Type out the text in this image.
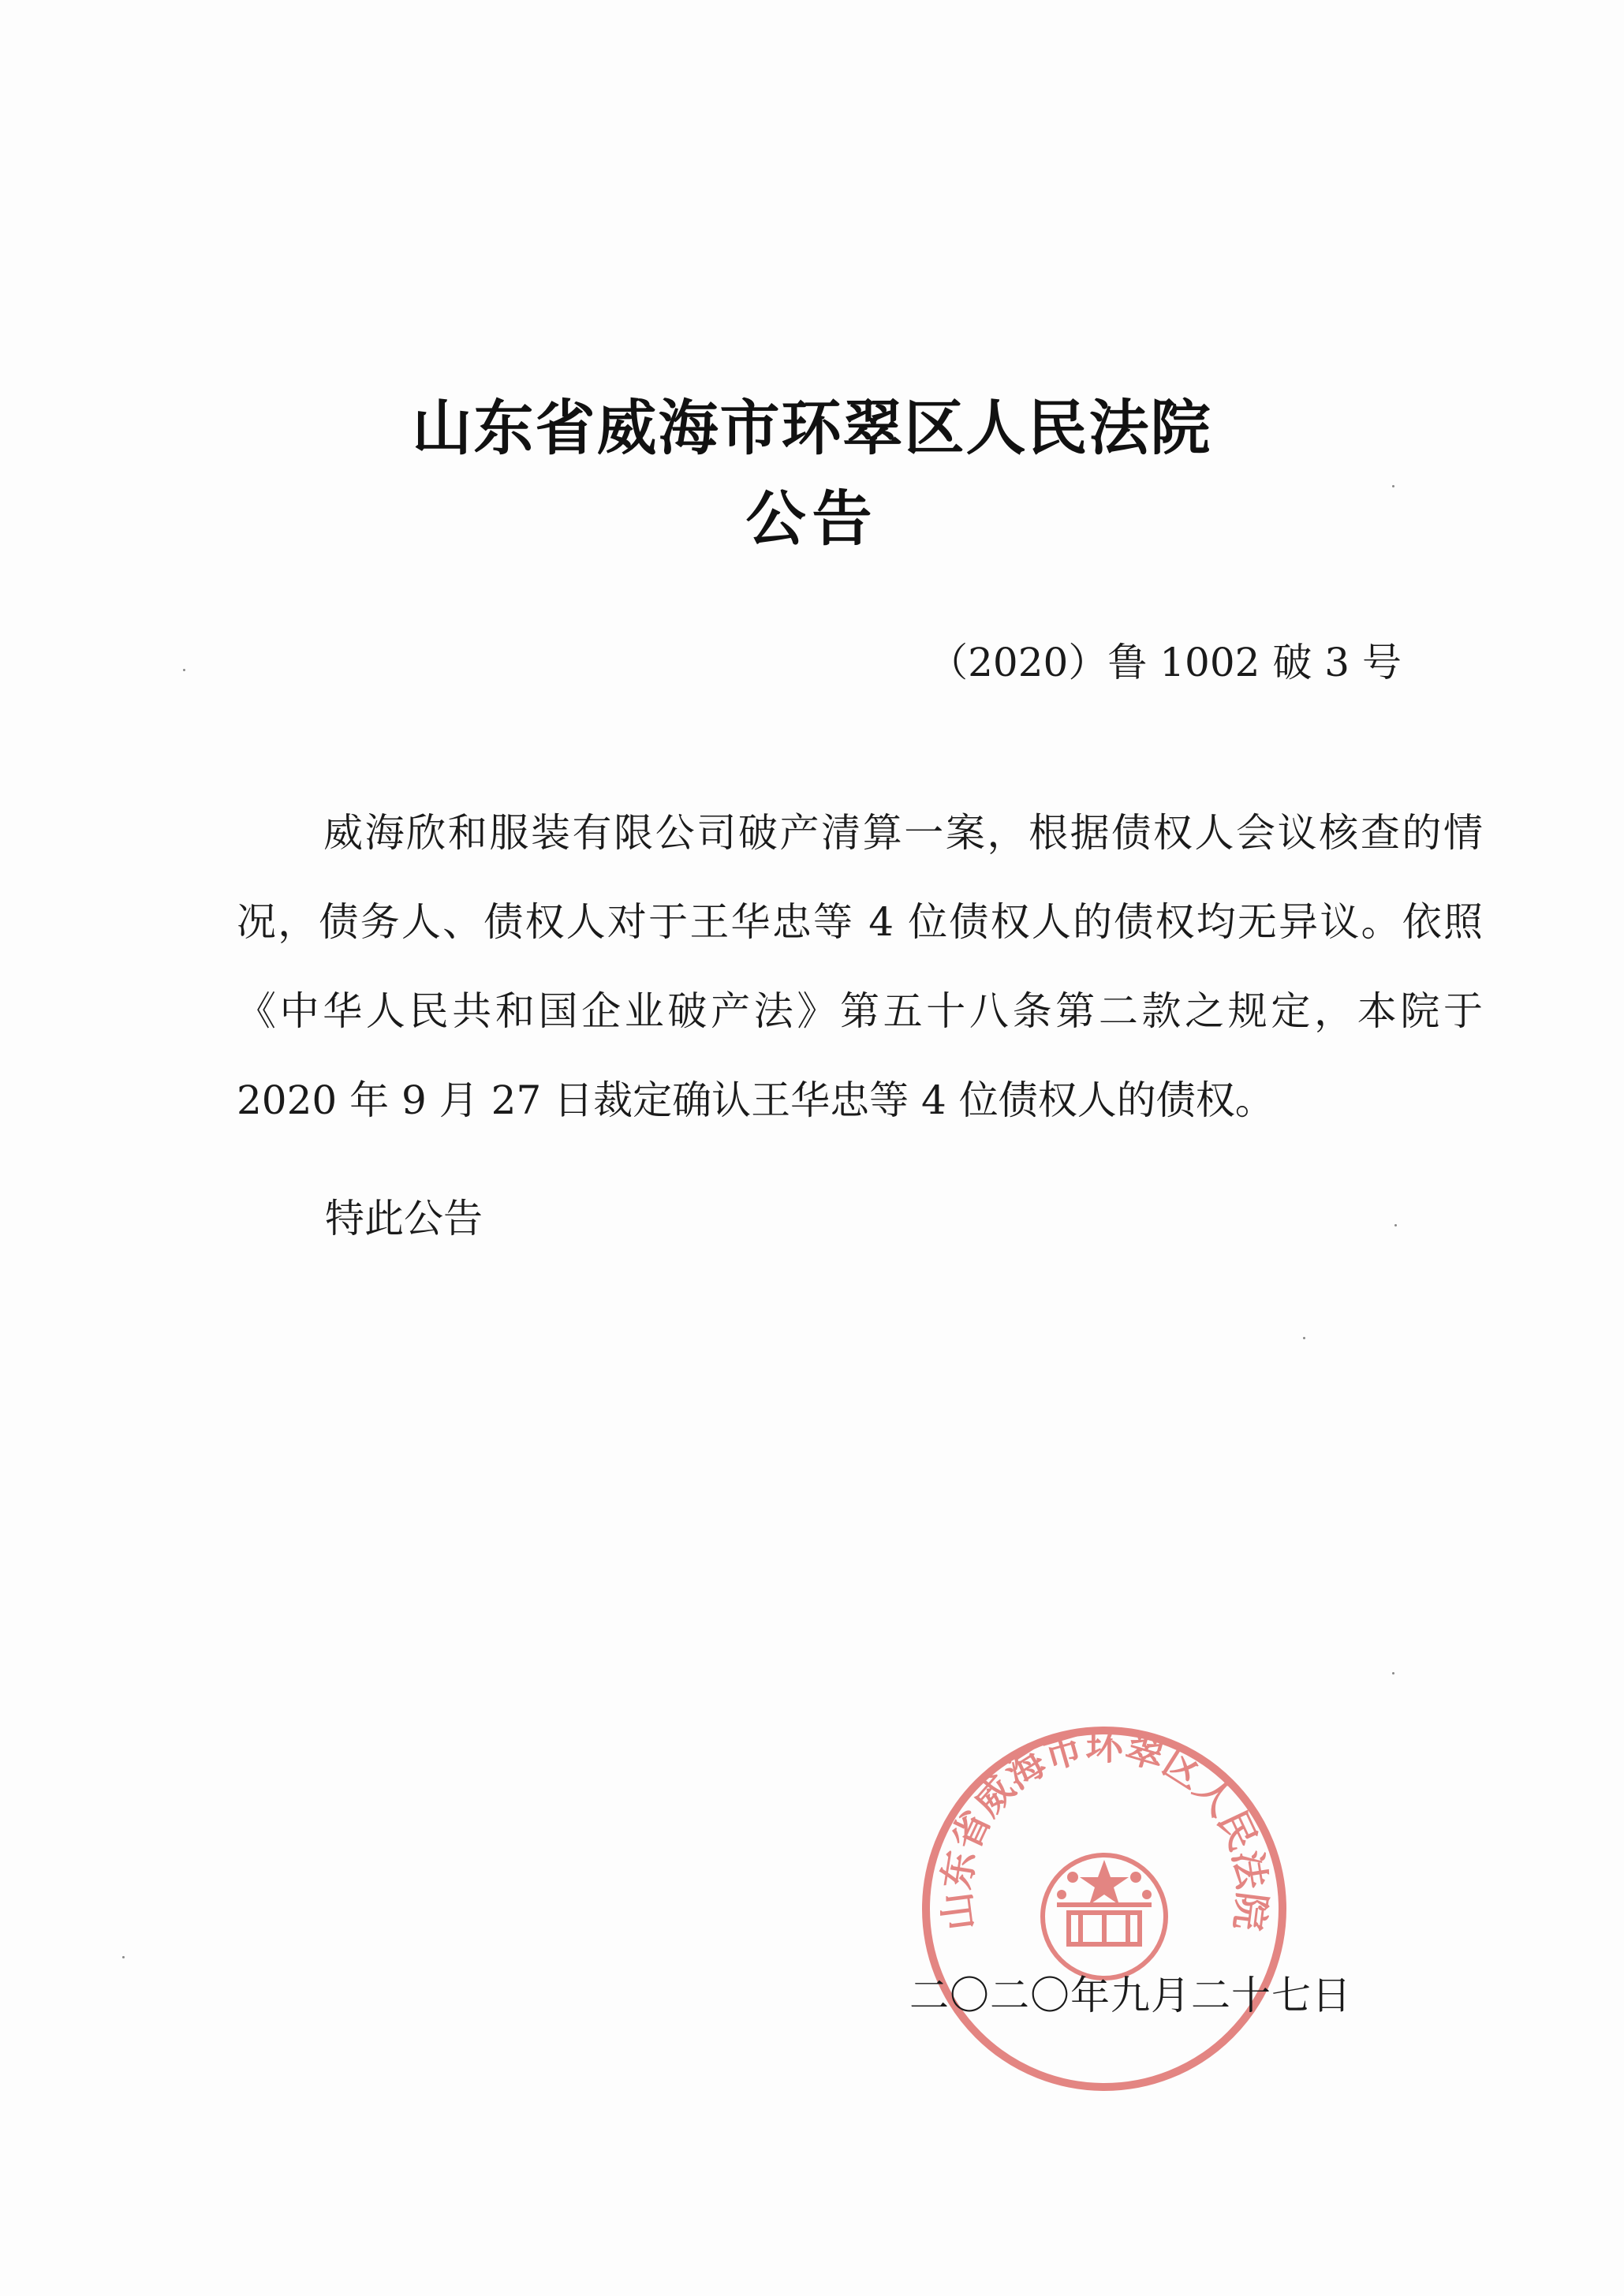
山东省威海市环翠区人民法院
公告
（2020）鲁 1002 破 3 号

威海欣和服装有限公司破产清算一案，根据债权人会议核查的情况，债务人、债权人对于王华忠等 4 位债权人的债权均无异议。依照《中华人民共和国企业破产法》第五十八条第二款之规定，本院于 2020 年 9 月 27 日裁定确认王华忠等 4 位债权人的债权。

特此公告
山东省威海市环翠区人民法院
二〇二〇年九月二十七日
